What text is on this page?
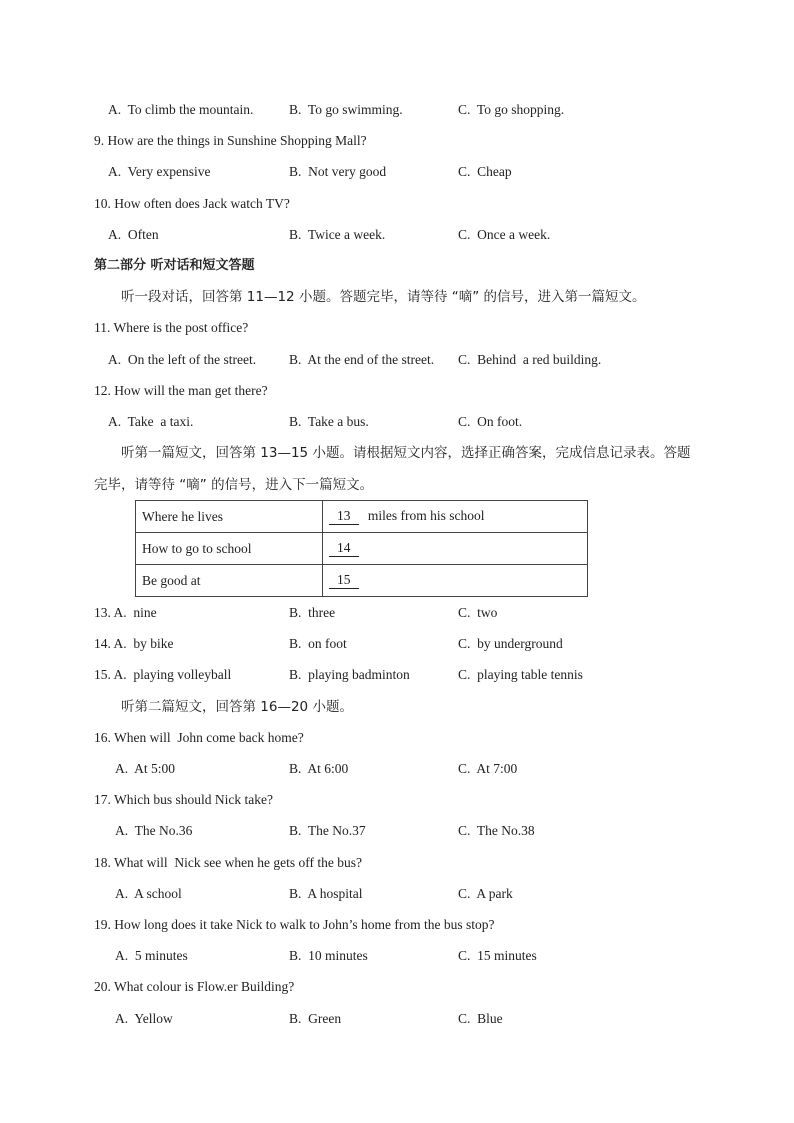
A.  To climb the mountain.	B.  To go swimming.	C.  To go shopping.
9. How are the things in Sunshine Shopping Mall?
A.  Very expensive	B.  Not very good	C.  Cheap
10. How often does Jack watch TV?
A.  Often	B.  Twice a week.	C.  Once a week.
第二部分 听对话和短文答题
听一段对话，回答第 11—12 小题。答题完毕，请等待 “嘀” 的信号，进入第一篇短文。
11. Where is the post office?
A.  On the left of the street. B.  At the end of the street. C.  Behind  a red building.
12. How will the man get there?
A.  Take  a taxi.	B.  Take a bus.	C.  On foot.
听第一篇短文，回答第 13—15 小题。请根据短文内容，选择正确答案，完成信息记录表。答题
完毕，请等待 “嘀” 的信号，进入下一篇短文。
Where he lives	13 miles from his school
How to go to school	14
Be good at	15
13. A.  nine	B.  three	C.  two
14. A.  by bike	B.  on foot	C.  by underground
15. A.  playing volleyball	B.  playing badminton	C.  playing table tennis
听第二篇短文，回答第 16—20 小题。
16. When will  John come back home?
A.  At 5:00	B.  At 6:00	C.  At 7:00
17. Which bus should Nick take?
A.  The No.36	B.  The No.37	C.  The No.38
18. What will  Nick see when he gets off the bus?
A.  A school	B.  A hospital	C.  A park
19. How long does it take Nick to walk to John’s home from the bus stop?
A.  5 minutes	B.  10 minutes	C.  15 minutes
20. What colour is Flow.er Building?
A.  Yellow	B.  Green	C.  Blue
